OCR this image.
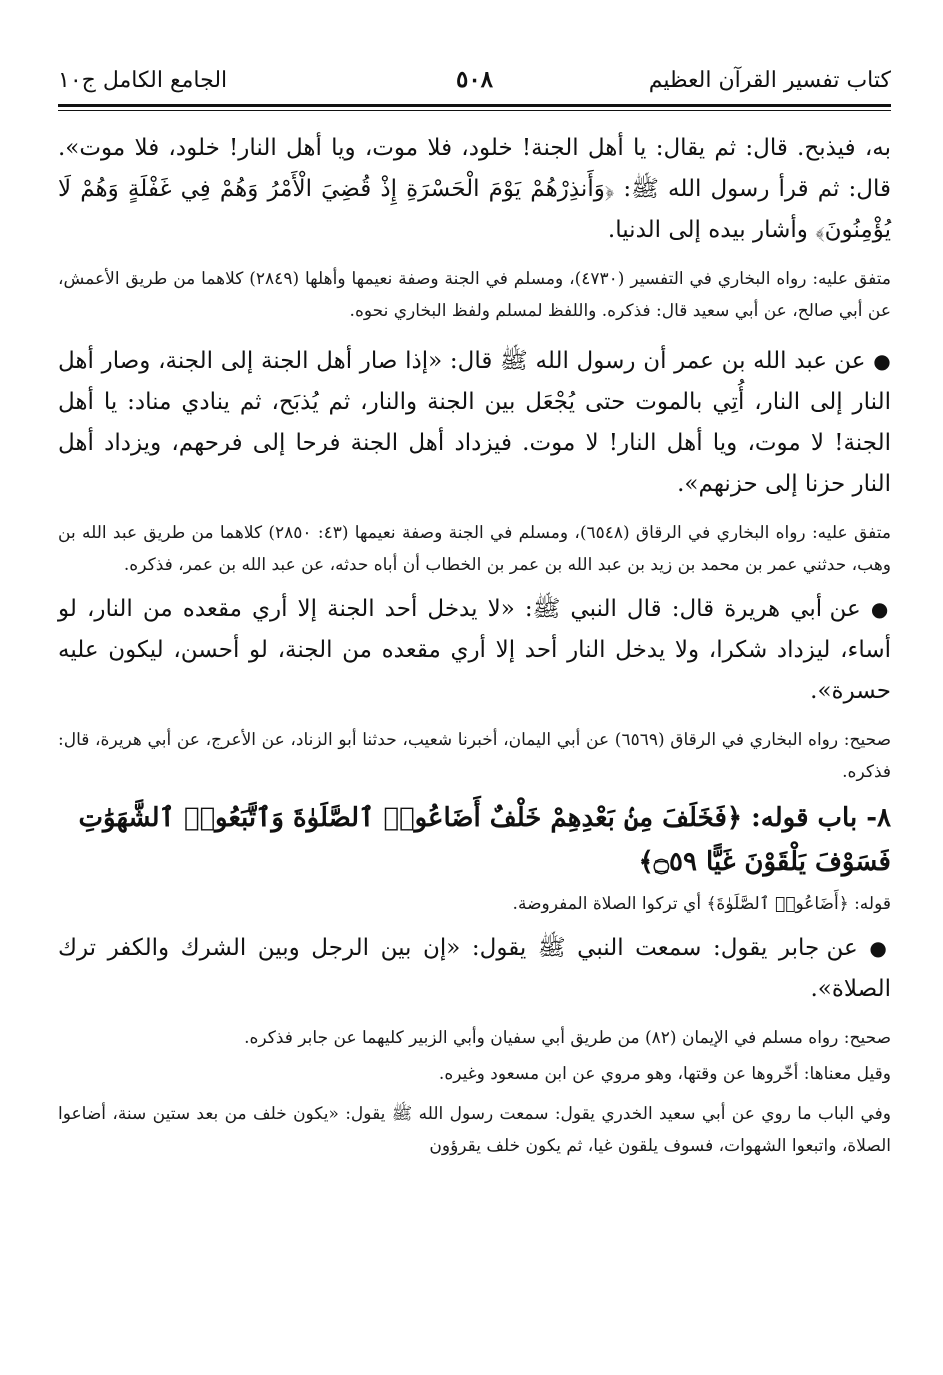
كتاب تفسير القرآن العظيم
٥٠٨
الجامع الكامل ج١٠

به، فيذبح. قال: ثم يقال: يا أهل الجنة! خلود، فلا موت، ويا أهل النار! خلود، فلا موت». قال: ثم قرأ رسول الله ﷺ: ﴿وَأَنذِرْهُمْ يَوْمَ الْحَسْرَةِ إِذْ قُضِيَ الْأَمْرُ وَهُمْ فِي غَفْلَةٍ وَهُمْ لَا يُؤْمِنُونَ﴾ وأشار بيده إلى الدنيا.

متفق عليه: رواه البخاري في التفسير (٤٧٣٠)، ومسلم في الجنة وصفة نعيمها وأهلها (٢٨٤٩) كلاهما من طريق الأعمش، عن أبي صالح، عن أبي سعيد قال: فذكره. واللفظ لمسلم ولفظ البخاري نحوه.

● عن عبد الله بن عمر أن رسول الله ﷺ قال: «إذا صار أهل الجنة إلى الجنة، وصار أهل النار إلى النار، أُتِي بالموت حتى يُجْعَل بين الجنة والنار، ثم يُذبَح، ثم ينادي مناد: يا أهل الجنة! لا موت، ويا أهل النار! لا موت. فيزداد أهل الجنة فرحا إلى فرحهم، ويزداد أهل النار حزنا إلى حزنهم».

متفق عليه: رواه البخاري في الرقاق (٦٥٤٨)، ومسلم في الجنة وصفة نعيمها (٤٣: ٢٨٥٠) كلاهما من طريق عبد الله بن وهب، حدثني عمر بن محمد بن زيد بن عبد الله بن عمر بن الخطاب أن أباه حدثه، عن عبد الله بن عمر، فذكره.

● عن أبي هريرة قال: قال النبي ﷺ: «لا يدخل أحد الجنة إلا أري مقعده من النار، لو أساء، ليزداد شكرا، ولا يدخل النار أحد إلا أري مقعده من الجنة، لو أحسن، ليكون عليه حسرة».

صحيح: رواه البخاري في الرقاق (٦٥٦٩) عن أبي اليمان، أخبرنا شعيب، حدثنا أبو الزناد، عن الأعرج، عن أبي هريرة، قال: فذكره.

٨- باب قوله: ﴿فَخَلَفَ مِنۢ بَعْدِهِمْ خَلْفٌ أَضَاعُوا۟ ٱلصَّلَوٰةَ وَٱتَّبَعُوا۟ ٱلشَّهَوَٰتِ فَسَوْفَ يَلْقَوْنَ غَيًّا ۝٥٩﴾

قوله: ﴿أَضَاعُوا۟ ٱلصَّلَوٰةَ﴾ أي تركوا الصلاة المفروضة.

● عن جابر يقول: سمعت النبي ﷺ يقول: «إن بين الرجل وبين الشرك والكفر ترك الصلاة».

صحيح: رواه مسلم في الإيمان (٨٢) من طريق أبي سفيان وأبي الزبير كليهما عن جابر فذكره.

وقيل معناها: أخّروها عن وقتها، وهو مروي عن ابن مسعود وغيره.

وفي الباب ما روي عن أبي سعيد الخدري يقول: سمعت رسول الله ﷺ يقول: «يكون خلف من بعد ستين سنة، أضاعوا الصلاة، واتبعوا الشهوات، فسوف يلقون غيا، ثم يكون خلف يقرؤون
